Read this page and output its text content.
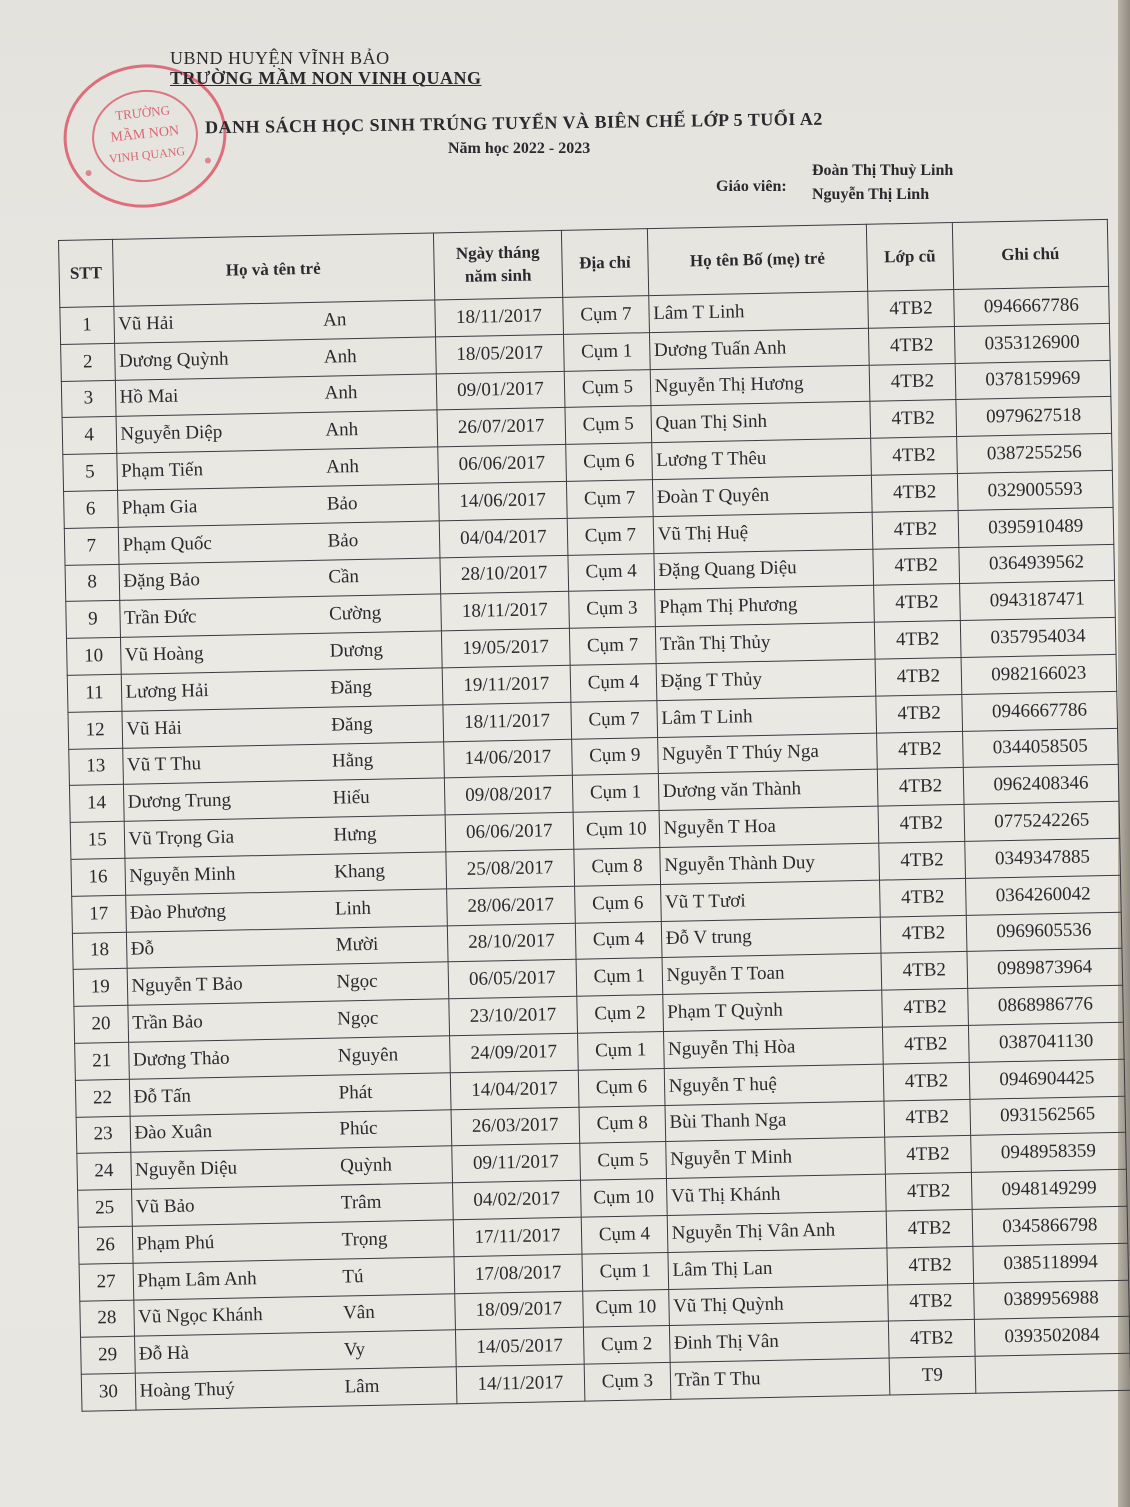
TRƯỜNG
MẦM NON
VINH QUANG
UBND HUYỆN VĨNH BẢO
TRƯỜNG MẦM NON VINH QUANG
DANH SÁCH HỌC SINH TRÚNG TUYỂN VÀ BIÊN CHẾ LỚP 5 TUỔI A2
Năm học 2022 - 2023
Giáo viên:
Đoàn Thị Thuỳ Linh
Nguyễn Thị Linh
STT	Họ và tên trẻ	Ngày tháng năm sinh	Địa chỉ	Họ tên Bố (mẹ) trẻ	Lớp cũ	Ghi chú
1	Vũ Hải An	18/11/2017	Cụm 7	Lâm T Linh	4TB2	0946667786
2	Dương Quỳnh Anh	18/05/2017	Cụm 1	Dương Tuấn Anh	4TB2	0353126900
3	Hồ Mai Anh	09/01/2017	Cụm 5	Nguyễn Thị Hương	4TB2	0378159969
4	Nguyễn Diệp Anh	26/07/2017	Cụm 5	Quan Thị Sinh	4TB2	0979627518
5	Phạm Tiến Anh	06/06/2017	Cụm 6	Lương T Thêu	4TB2	0387255256
6	Phạm Gia Bảo	14/06/2017	Cụm 7	Đoàn T Quyên	4TB2	0329005593
7	Phạm Quốc Bảo	04/04/2017	Cụm 7	Vũ Thị Huệ	4TB2	0395910489
8	Đặng Bảo Cần	28/10/2017	Cụm 4	Đặng Quang Diệu	4TB2	0364939562
9	Trần Đức Cường	18/11/2017	Cụm 3	Phạm Thị Phương	4TB2	0943187471
10	Vũ Hoàng Dương	19/05/2017	Cụm 7	Trần Thị Thủy	4TB2	0357954034
11	Lương Hải Đăng	19/11/2017	Cụm 4	Đặng T Thủy	4TB2	0982166023
12	Vũ Hải Đăng	18/11/2017	Cụm 7	Lâm T Linh	4TB2	0946667786
13	Vũ T Thu Hằng	14/06/2017	Cụm 9	Nguyễn T Thúy Nga	4TB2	0344058505
14	Dương Trung Hiếu	09/08/2017	Cụm 1	Dương văn Thành	4TB2	0962408346
15	Vũ Trọng Gia Hưng	06/06/2017	Cụm 10	Nguyễn T Hoa	4TB2	0775242265
16	Nguyễn Minh Khang	25/08/2017	Cụm 8	Nguyễn Thành Duy	4TB2	0349347885
17	Đào Phương Linh	28/06/2017	Cụm 6	Vũ T Tươi	4TB2	0364260042
18	Đỗ Mười	28/10/2017	Cụm 4	Đỗ V trung	4TB2	0969605536
19	Nguyễn T Bảo Ngọc	06/05/2017	Cụm 1	Nguyễn T Toan	4TB2	0989873964
20	Trần Bảo Ngọc	23/10/2017	Cụm 2	Phạm T Quỳnh	4TB2	0868986776
21	Dương Thảo Nguyên	24/09/2017	Cụm 1	Nguyễn Thị Hòa	4TB2	0387041130
22	Đỗ Tấn Phát	14/04/2017	Cụm 6	Nguyễn T huệ	4TB2	0946904425
23	Đào Xuân Phúc	26/03/2017	Cụm 8	Bùi Thanh Nga	4TB2	0931562565
24	Nguyễn Diệu Quỳnh	09/11/2017	Cụm 5	Nguyễn T Minh	4TB2	0948958359
25	Vũ Bảo Trâm	04/02/2017	Cụm 10	Vũ Thị Khánh	4TB2	0948149299
26	Phạm Phú Trọng	17/11/2017	Cụm 4	Nguyễn Thị Vân Anh	4TB2	0345866798
27	Phạm Lâm Anh Tú	17/08/2017	Cụm 1	Lâm Thị Lan	4TB2	0385118994
28	Vũ Ngọc Khánh Vân	18/09/2017	Cụm 10	Vũ Thị Quỳnh	4TB2	0389956988
29	Đỗ Hà Vy	14/05/2017	Cụm 2	Đinh Thị Vân	4TB2	0393502084
30	Hoàng Thuý Lâm	14/11/2017	Cụm 3	Trần T Thu	T9	
